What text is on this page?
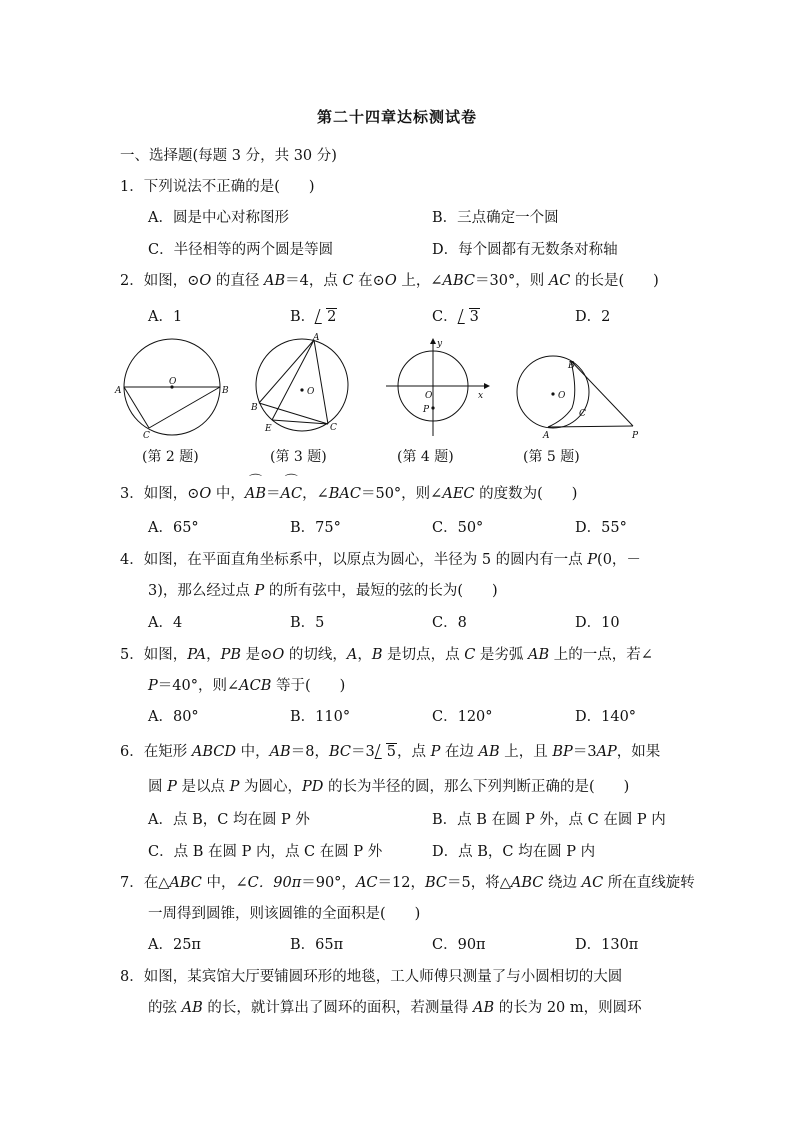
第二十四章达标测试卷
一、选择题(每题 3 分，共 30 分)
1．下列说法不正确的是(　　)
A．圆是中心对称图形	B．三点确定一个圆
C．半径相等的两个圆是等圆	D．每个圆都有无数条对称轴
2．如图，⊙O 的直径 AB＝4，点 C 在⊙O 上，∠ABC＝30°，则 AC 的长是(　　)
A．1	B． 2	C． 3	D．2
A	B
C
O
A
B
C
E
O
y
x
O
P
B
A
C
O
P
(第 2 题)	(第 3 题)	(第 4 题)	(第 5 题)
3．如图，⊙O 中，⌒ AB＝⌒ AC，∠BAC＝50°，则∠AEC 的度数为(　　)
A．65°	B．75°	C．50°	D．55°
4．如图，在平面直角坐标系中，以原点为圆心，半径为 5 的圆内有一点 P(0，－
3)，那么经过点 P 的所有弦中，最短的弦的长为(　　)
A．4	B．5	C．8	D．10
5．如图，PA，PB 是⊙O 的切线，A，B 是切点，点 C 是劣弧 AB 上的一点，若∠
P＝40°，则∠ACB 等于(　　)
A．80°	B．110°	C．120°	D．140°
6．在矩形 ABCD 中，AB＝8，BC＝3 5，点 P 在边 AB 上，且 BP＝3AP，如果
圆 P 是以点 P 为圆心，PD 的长为半径的圆，那么下列判断正确的是(　　)
A．点 B，C 均在圆 P 外	B．点 B 在圆 P 外，点 C 在圆 P 内
C．点 B 在圆 P 内，点 C 在圆 P 外	D．点 B，C 均在圆 P 内
7．在△ABC 中，∠C．90π＝90°，AC＝12，BC＝5，将△ABC 绕边 AC 所在直线旋转
一周得到圆锥，则该圆锥的全面积是(　　)
A．25π	B．65π	C．90π	D．130π
8．如图，某宾馆大厅要铺圆环形的地毯，工人师傅只测量了与小圆相切的大圆
的弦 AB 的长，就计算出了圆环的面积，若测量得 AB 的长为 20 m，则圆环
